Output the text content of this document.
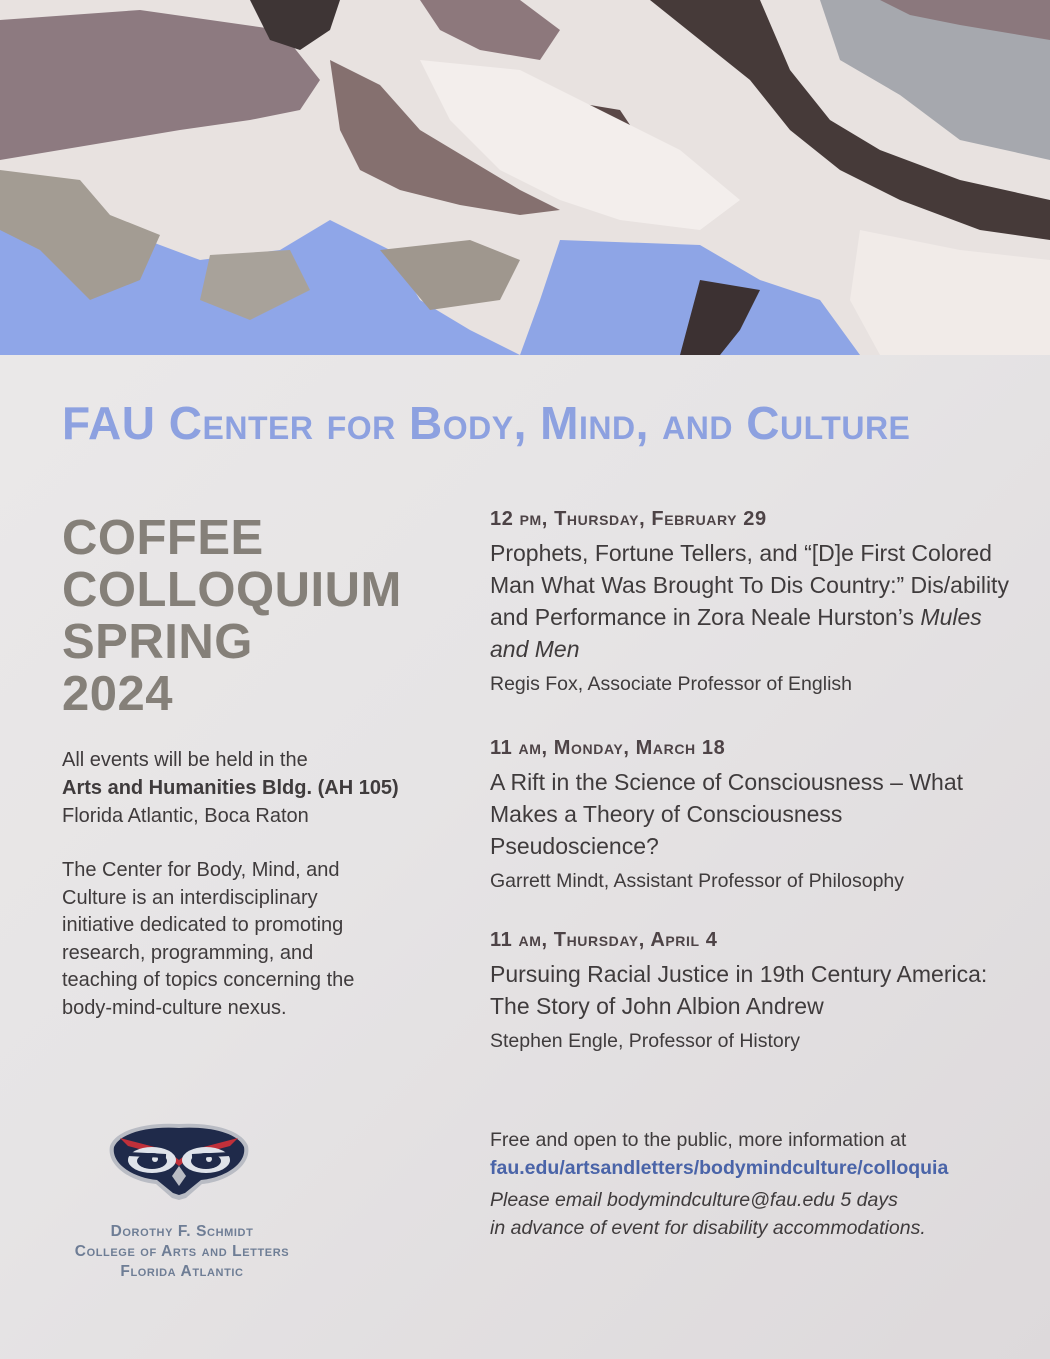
FAU Center for Body, Mind, and Culture
COFFEE
COLLOQUIUM
SPRING
2024
All events will be held in the
Arts and Humanities Bldg. (AH 105)
Florida Atlantic, Boca Raton
The Center for Body, Mind, and Culture is an interdisciplinary initiative dedicated to promoting research, programming, and teaching of topics concerning the body-mind-culture nexus.
12 pm, Thursday, February 29
Prophets, Fortune Tellers, and “[D]e First Colored Man What Was Brought To Dis Country:” Dis/ability and Performance in Zora Neale Hurston’s Mules and Men
Regis Fox, Associate Professor of English
11 am, Monday, March 18
A Rift in the Science of Consciousness – What Makes a Theory of Consciousness Pseudoscience?
Garrett Mindt, Assistant Professor of Philosophy
11 am, Thursday, April 4
Pursuing Racial Justice in 19th Century America: The Story of John Albion Andrew
Stephen Engle, Professor of History
Free and open to the public, more information at
fau.edu/artsandletters/bodymindculture/colloquia
Please email bodymindculture@fau.edu 5 days
in advance of event for disability accommodations.
Dorothy F. Schmidt
College of Arts and Letters
Florida Atlantic
